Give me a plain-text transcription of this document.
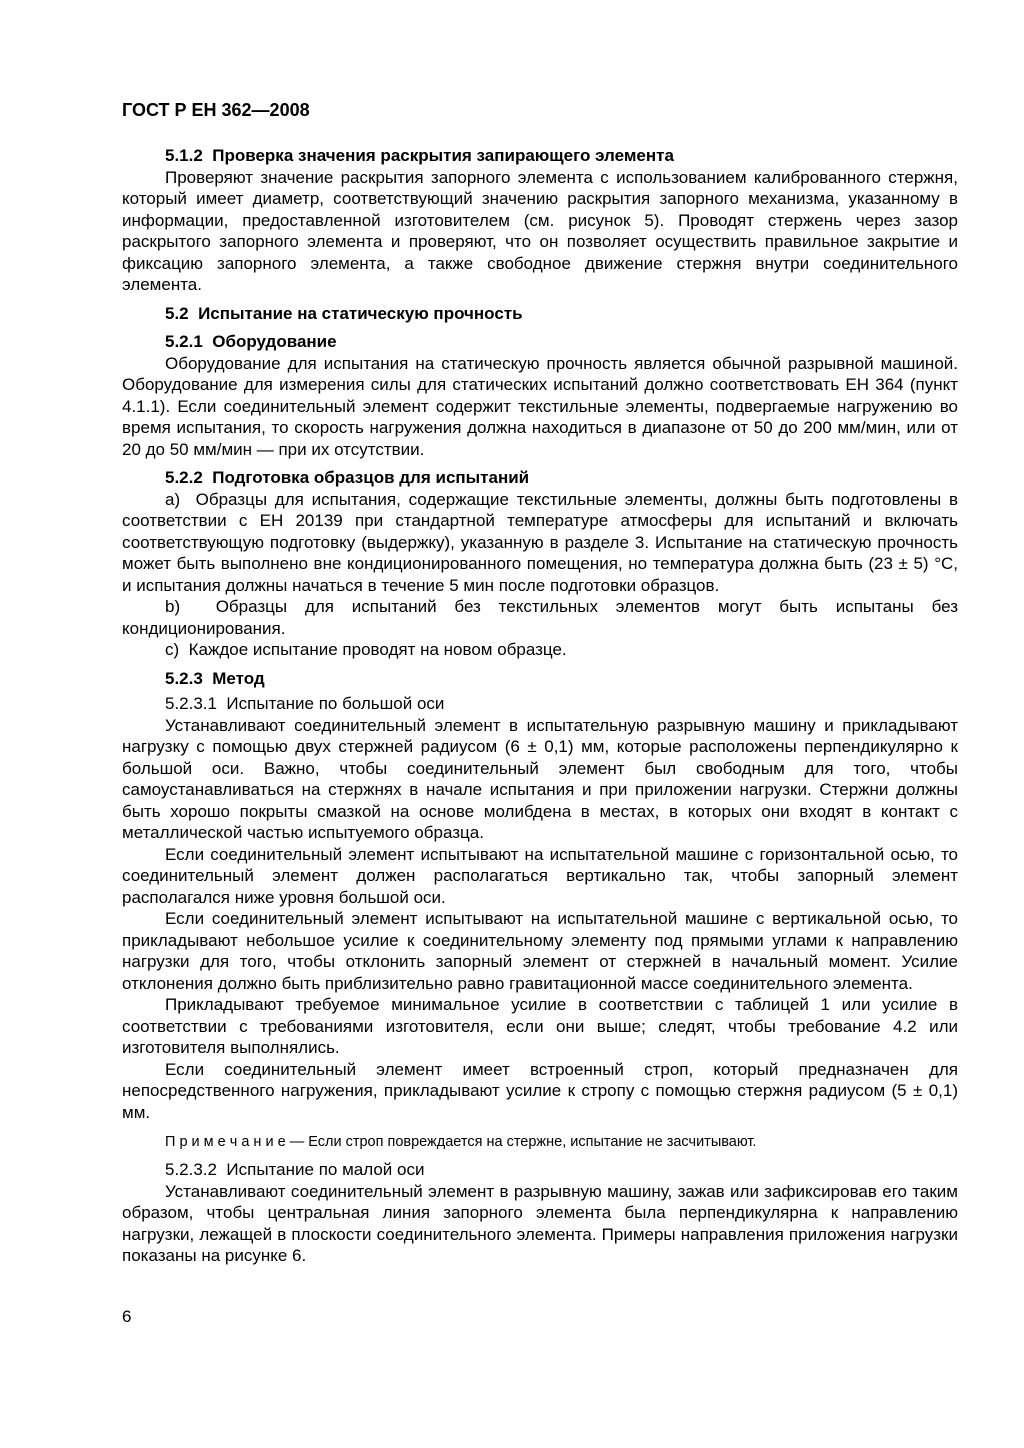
ГОСТ Р ЕН 362—2008
5.1.2  Проверка значения раскрытия запирающего элемента

Проверяют значение раскрытия запорного элемента с использованием калиброванного стержня, который имеет диаметр, соответствующий значению раскрытия запорного механизма, указанному в информации, предоставленной изготовителем (см. рисунок 5). Проводят стержень через зазор раскрытого запорного элемента и проверяют, что он позволяет осуществить правильное закрытие и фиксацию запорного элемента, а также свободное движение стержня внутри соединительного элемента.

5.2  Испытание на статическую прочность
5.2.1  Оборудование

Оборудование для испытания на статическую прочность является обычной разрывной машиной. Оборудование для измерения силы для статических испытаний должно соответствовать ЕН 364 (пункт 4.1.1). Если соединительный элемент содержит текстильные элементы, подвергаемые нагружению во время испытания, то скорость нагружения должна находиться в диапазоне от 50 до 200 мм/мин, или от 20 до 50 мм/мин — при их отсутствии.

5.2.2  Подготовка образцов для испытаний

a)  Образцы для испытания, содержащие текстильные элементы, должны быть подготовлены в соответствии с ЕН 20139 при стандартной температуре атмосферы для испытаний и включать соответствующую подготовку (выдержку), указанную в разделе 3. Испытание на статическую прочность может быть выполнено вне кондиционированного помещения, но температура должна быть (23 ± 5) °С, и испытания должны начаться в течение 5 мин после подготовки образцов.

b)  Образцы для испытаний без текстильных элементов могут быть испытаны без кондиционирования.

c)  Каждое испытание проводят на новом образце.

5.2.3  Метод
5.2.3.1  Испытание по большой оси

Устанавливают соединительный элемент в испытательную разрывную машину и прикладывают нагрузку с помощью двух стержней радиусом (6 ± 0,1) мм, которые расположены перпендикулярно к большой оси. Важно, чтобы соединительный элемент был свободным для того, чтобы самоустанавливаться на стержнях в начале испытания и при приложении нагрузки. Стержни должны быть хорошо покрыты смазкой на основе молибдена в местах, в которых они входят в контакт с металлической частью испытуемого образца.

Если соединительный элемент испытывают на испытательной машине с горизонтальной осью, то соединительный элемент должен располагаться вертикально так, чтобы запорный элемент располагался ниже уровня большой оси.

Если соединительный элемент испытывают на испытательной машине с вертикальной осью, то прикладывают небольшое усилие к соединительному элементу под прямыми углами к направлению нагрузки для того, чтобы отклонить запорный элемент от стержней в начальный момент. Усилие отклонения должно быть приблизительно равно гравитационной массе соединительного элемента.

Прикладывают требуемое минимальное усилие в соответствии с таблицей 1 или усилие в соответствии с требованиями изготовителя, если они выше; следят, чтобы требование 4.2 или изготовителя выполнялись.

Если соединительный элемент имеет встроенный строп, который предназначен для непосредственного нагружения, прикладывают усилие к стропу с помощью стержня радиусом (5 ± 0,1) мм.

П р и м е ч а н и е — Если строп повреждается на стержне, испытание не засчитывают.
5.2.3.2  Испытание по малой оси

Устанавливают соединительный элемент в разрывную машину, зажав или зафиксировав его таким образом, чтобы центральная линия запорного элемента была перпендикулярна к направлению нагрузки, лежащей в плоскости соединительного элемента. Примеры направления приложения нагрузки показаны на рисунке 6.

6
